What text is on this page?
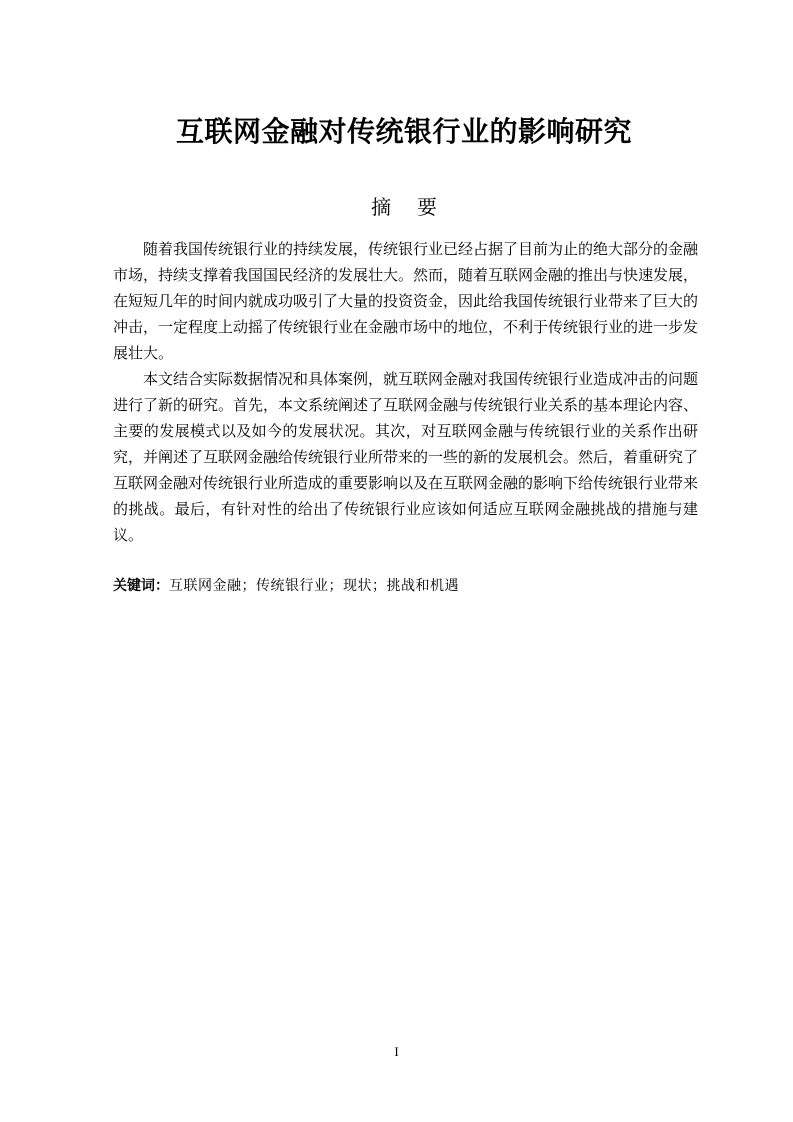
互联网金融对传统银行业的影响研究
摘要

随着我国传统银行业的持续发展，传统银行业已经占据了目前为止的绝大部分的金融市场，持续支撑着我国国民经济的发展壮大。然而，随着互联网金融的推出与快速发展，在短短几年的时间内就成功吸引了大量的投资资金，因此给我国传统银行业带来了巨大的冲击，一定程度上动摇了传统银行业在金融市场中的地位，不利于传统银行业的进一步发展壮大。

本文结合实际数据情况和具体案例，就互联网金融对我国传统银行业造成冲击的问题进行了新的研究。首先，本文系统阐述了互联网金融与传统银行业关系的基本理论内容、主要的发展模式以及如今的发展状况。其次，对互联网金融与传统银行业的关系作出研究，并阐述了互联网金融给传统银行业所带来的一些的新的发展机会。然后，着重研究了互联网金融对传统银行业所造成的重要影响以及在互联网金融的影响下给传统银行业带来的挑战。最后，有针对性的给出了传统银行业应该如何适应互联网金融挑战的措施与建议。

关键词：互联网金融；传统银行业；现状；挑战和机遇

I
